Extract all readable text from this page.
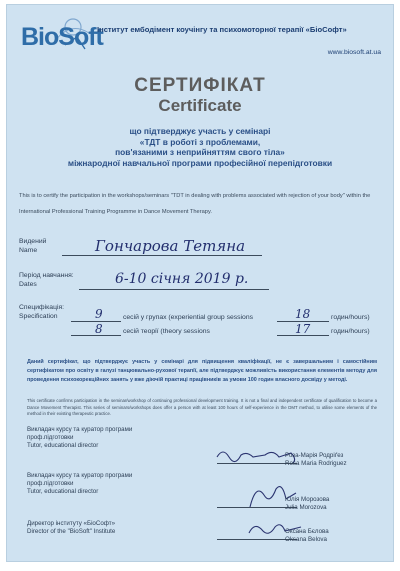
BioSoft
Інститут ембодімент коучінгу та психомоторної терапії «БіоСофт»
www.biosoft.at.ua
СЕРТИФІКАТ
Certificate
що підтверджує участь у семінарі
«ТДТ в роботі з проблемами,
пов'язаними з неприйняттям свого тіла»
міжнародної навчальної програми професійної перепідготовки
This is to certify the participation in the workshops/seminars "TDT in dealing with problems associated with rejection of your body" within the International Professional Training Programme in Dance Movement Therapy.
Видений
Name	Гончарова Тетяна
Період навчання:
Dates	6-10 січня 2019 р.
Специфікація:
Specification	9	сесій у групах (experiential group sessions	18	годин/hours)
8	сесій теорії (theory sessions	17	годин/hours)
Даний сертифікат, що підтверджує участь у семінарі для підвищення кваліфікації, не є завершальним і самостійним сертифікатом про освіту в галузі танцювально-рухової терапії, але підтверджує можливість використання елементів методу для проведення психокорекційних занять у вже діючій практиці працівників за умови 100 годин власного досвіду у методі.
This certificate confirms participation in the seminar/workshop of continuing professional development training. It is not a final and independent certificate of qualification to become a Dance Movement Therapist. This series of seminars/workshops does offer a person with at least 100 hours of self-experience in the DMT method, to utilise some elements of the method in their existing therapeutic practice.
Викладач курсу та куратор програми проф.підготовки
Tutor, educational director
Роза-Марія Родріґез
Rosa Maria Rodriguez
Викладач курсу та куратор програми проф.підготовки
Tutor, educational director
Юлія Морозова
Julia Morozova
Директор інституту «БіоСофт»
Director of the "BioSoft" Institute	Оксана Бєлова
Oksana Belova
